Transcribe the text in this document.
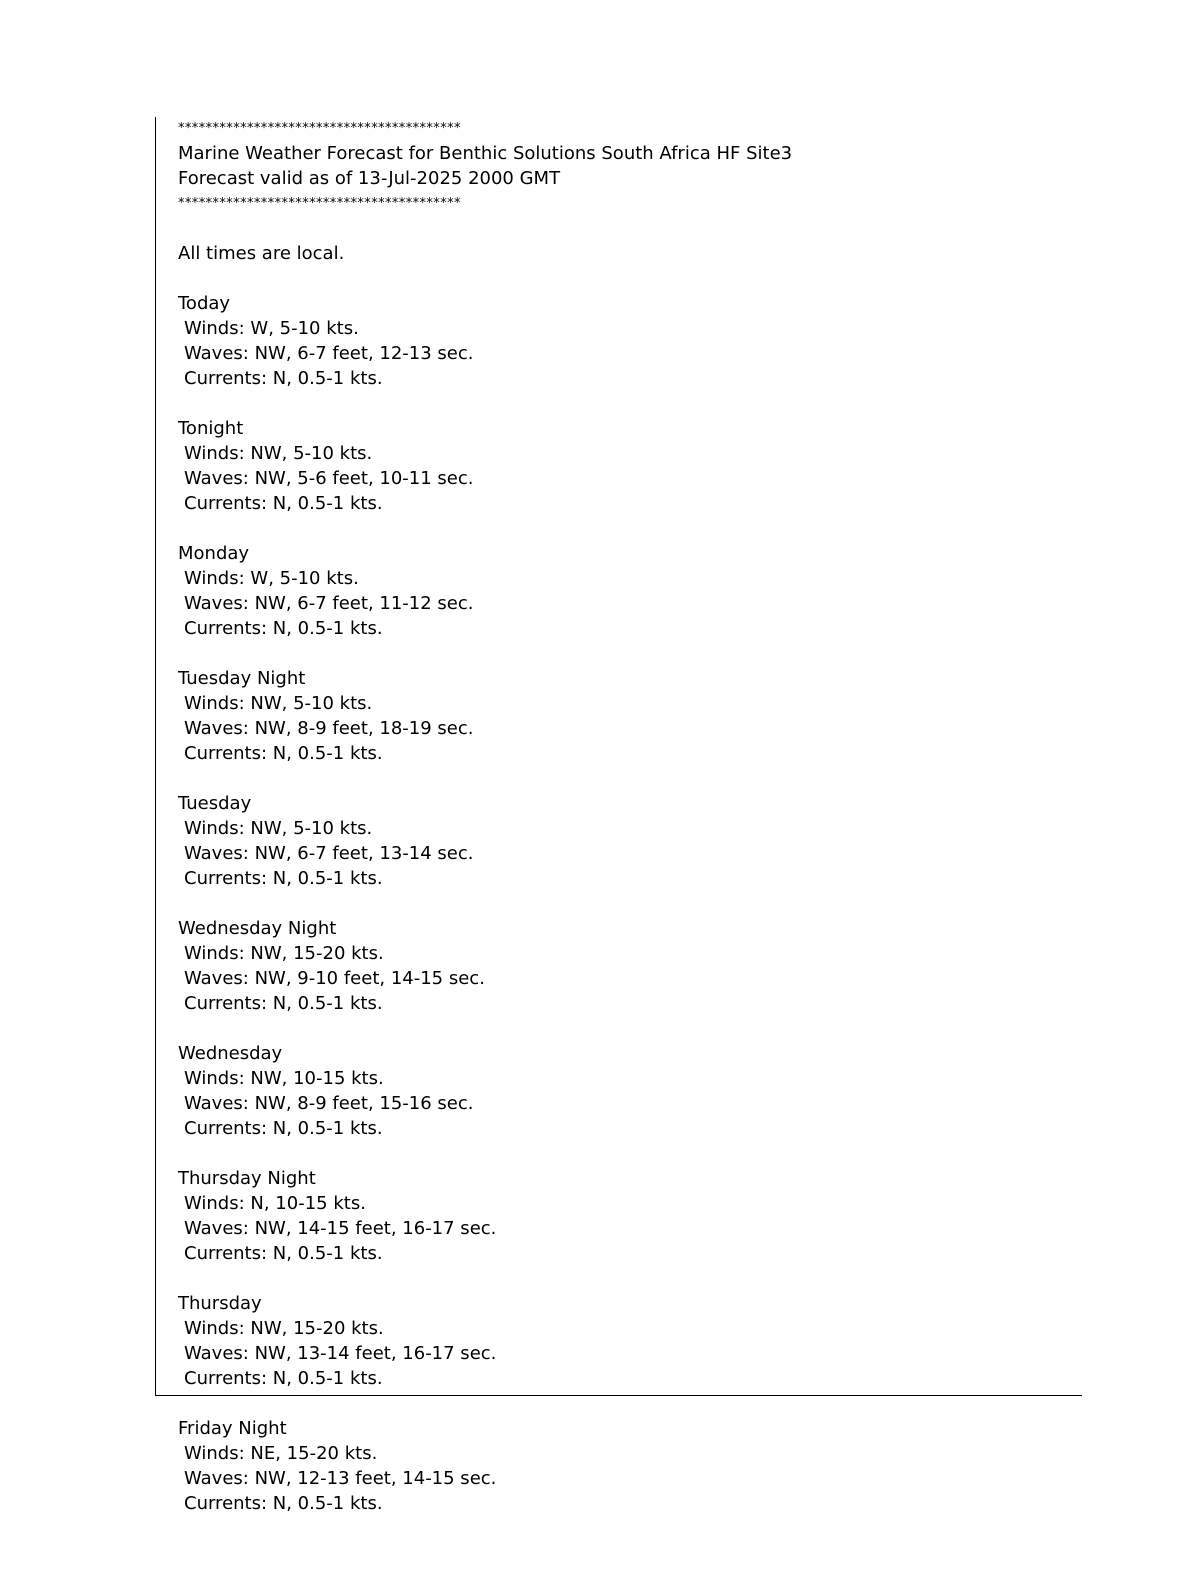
*****************************************
Marine Weather Forecast for Benthic Solutions South Africa HF Site3
Forecast valid as of 13-Jul-2025 2000 GMT
*****************************************
All times are local.
Today
Winds: W, 5-10 kts.
Waves: NW, 6-7 feet, 12-13 sec.
Currents: N, 0.5-1 kts.
Tonight
Winds: NW, 5-10 kts.
Waves: NW, 5-6 feet, 10-11 sec.
Currents: N, 0.5-1 kts.
Monday
Winds: W, 5-10 kts.
Waves: NW, 6-7 feet, 11-12 sec.
Currents: N, 0.5-1 kts.
Tuesday Night
Winds: NW, 5-10 kts.
Waves: NW, 8-9 feet, 18-19 sec.
Currents: N, 0.5-1 kts.
Tuesday
Winds: NW, 5-10 kts.
Waves: NW, 6-7 feet, 13-14 sec.
Currents: N, 0.5-1 kts.
Wednesday Night
Winds: NW, 15-20 kts.
Waves: NW, 9-10 feet, 14-15 sec.
Currents: N, 0.5-1 kts.
Wednesday
Winds: NW, 10-15 kts.
Waves: NW, 8-9 feet, 15-16 sec.
Currents: N, 0.5-1 kts.
Thursday Night
Winds: N, 10-15 kts.
Waves: NW, 14-15 feet, 16-17 sec.
Currents: N, 0.5-1 kts.
Thursday
Winds: NW, 15-20 kts.
Waves: NW, 13-14 feet, 16-17 sec.
Currents: N, 0.5-1 kts.
Friday Night
Winds: NE, 15-20 kts.
Waves: NW, 12-13 feet, 14-15 sec.
Currents: N, 0.5-1 kts.
